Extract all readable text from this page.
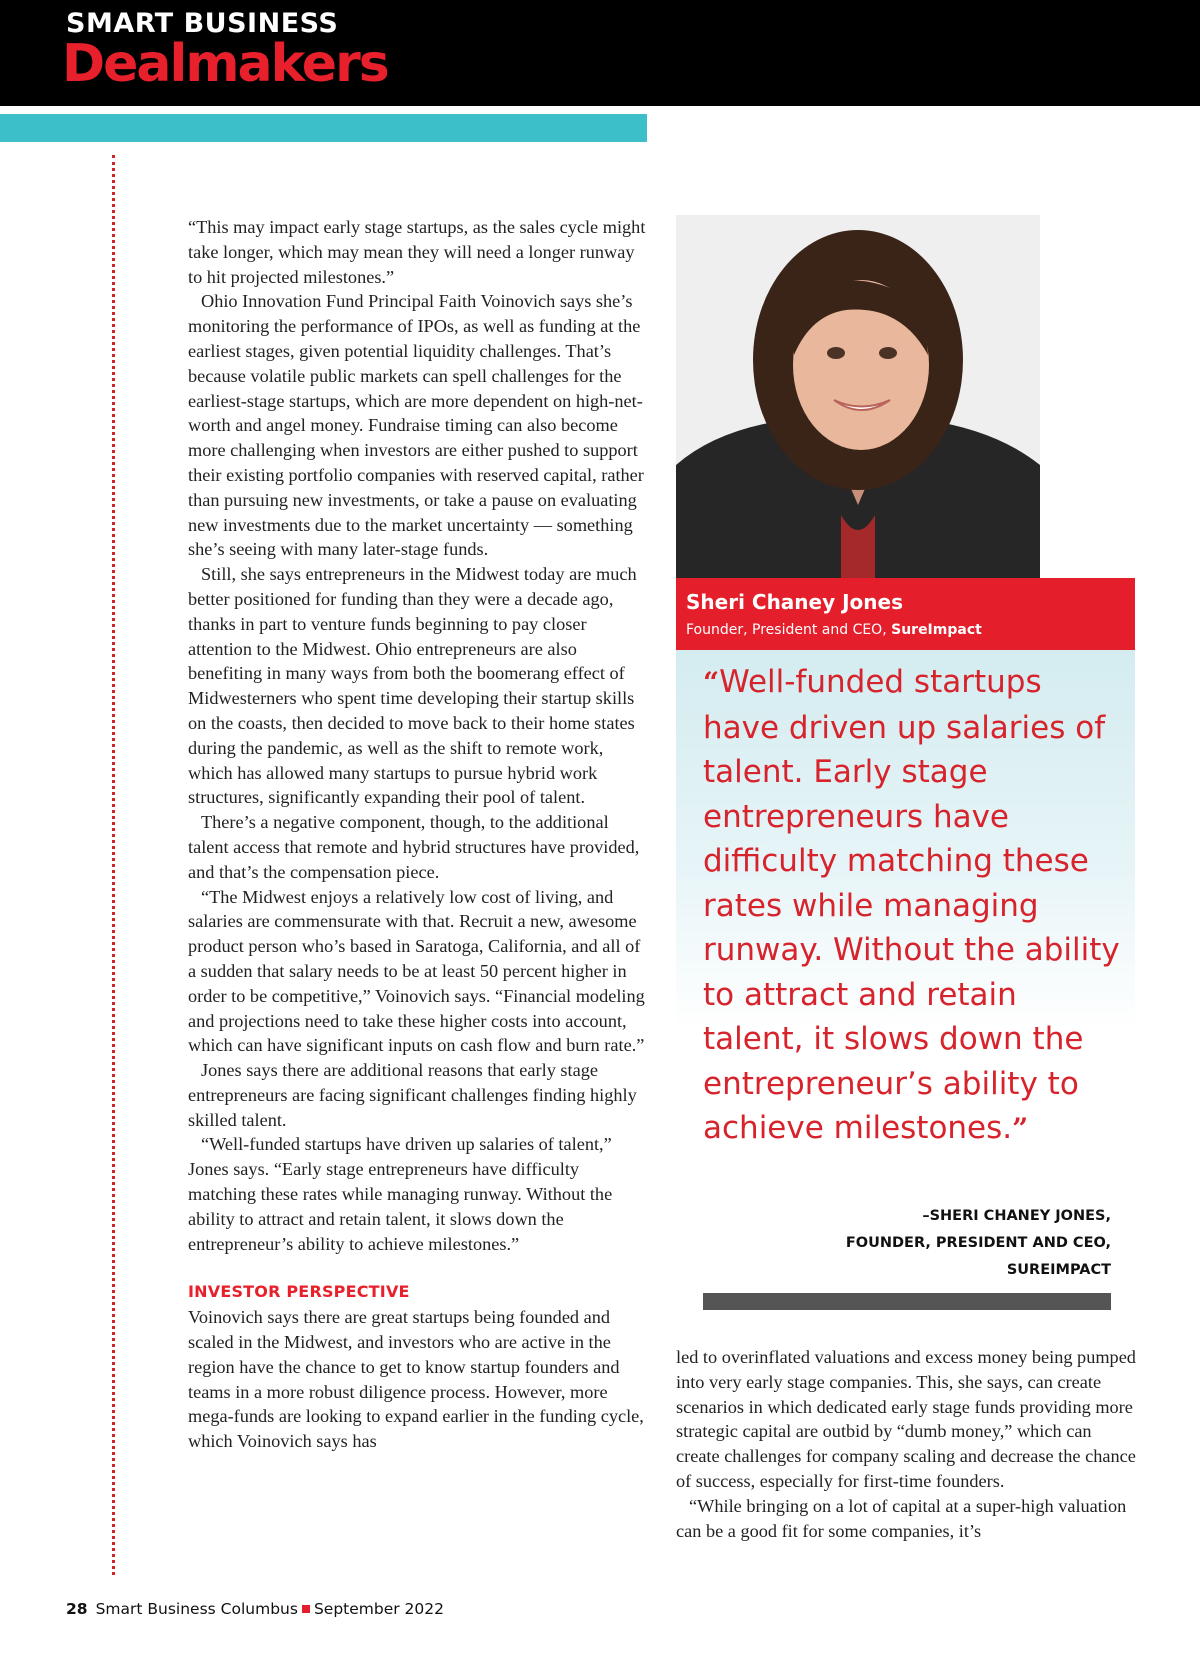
SMART BUSINESS
Dealmakers

“This may impact early stage startups, as the sales cycle might take longer, which may mean they will need a longer runway to hit projected milestones.”

Ohio Innovation Fund Principal Faith Voinovich says she’s monitoring the performance of IPOs, as well as funding at the earliest stages, given potential liquidity challenges. That’s because volatile public markets can spell challenges for the earliest-stage startups, which are more dependent on high-net-worth and angel money. Fundraise timing can also become more challenging when investors are either pushed to support their existing portfolio companies with reserved capital, rather than pursuing new investments, or take a pause on evaluating new investments due to the market uncertainty — something she’s seeing with many later-stage funds.

Still, she says entrepreneurs in the Midwest today are much better positioned for funding than they were a decade ago, thanks in part to venture funds beginning to pay closer attention to the Midwest. Ohio entrepreneurs are also benefiting in many ways from both the boomerang effect of Midwesterners who spent time developing their startup skills on the coasts, then decided to move back to their home states during the pandemic, as well as the shift to remote work, which has allowed many startups to pursue hybrid work structures, significantly expanding their pool of talent.

There’s a negative component, though, to the additional talent access that remote and hybrid structures have provided, and that’s the compensation piece.

“The Midwest enjoys a relatively low cost of living, and salaries are commensurate with that. Recruit a new, awesome product person who’s based in Saratoga, California, and all of a sudden that salary needs to be at least 50 percent higher in order to be competitive,” Voinovich says. “Financial modeling and projections need to take these higher costs into account, which can have significant inputs on cash flow and burn rate.”

Jones says there are additional reasons that early stage entrepreneurs are facing significant challenges finding highly skilled talent.

“Well-funded startups have driven up salaries of talent,” Jones says. “Early stage entrepreneurs have difficulty matching these rates while managing runway. Without the ability to attract and retain talent, it slows down the entrepreneur’s ability to achieve milestones.”

INVESTOR PERSPECTIVE

Voinovich says there are great startups being founded and scaled in the Midwest, and investors who are active in the region have the chance to get to know startup founders and teams in a more robust diligence process. However, more mega-funds are looking to expand earlier in the funding cycle, which Voinovich says has

Sheri Chaney Jones
Founder, President and CEO, SureImpact
“Well-funded startups have driven up salaries of talent. Early stage entrepreneurs have difficulty matching these rates while managing runway. Without the ability to attract and retain talent, it slows down the entrepreneur’s ability to achieve milestones.”
–SHERI CHANEY JONES,
FOUNDER, PRESIDENT AND CEO,
SUREIMPACT

led to overinflated valuations and excess money being pumped into very early stage companies. This, she says, can create scenarios in which dedicated early stage funds providing more strategic capital are outbid by “dumb money,” which can create challenges for company scaling and decrease the chance of success, especially for first-time founders.

“While bringing on a lot of capital at a super-high valuation can be a good fit for some companies, it’s

28 Smart Business Columbus September 2022
